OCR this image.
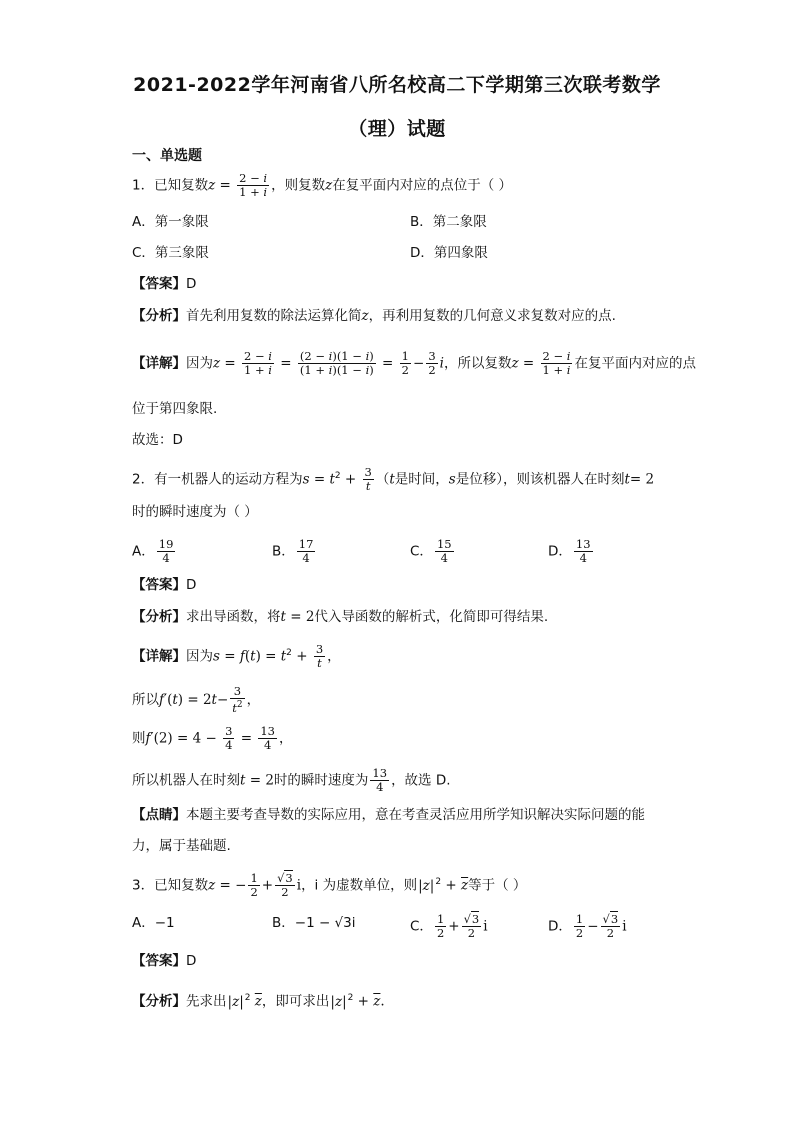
2021-2022学年河南省八所名校高二下学期第三次联考数学
（理）试题
一、单选题
1．已知复数$z = \frac{2 - i}{1 + i}$ ，则复数z在复平面内对应的点位于（ ）
A．第一象限	B．第二象限
C．第三象限	D．第四象限
【答案】D
【分析】首先利用复数的除法运算化简z，再利用复数的几何意义求复数对应的点.
【详解】因为$z = \frac{2 - i}{1 + i} = \frac{(2 - i)(1 - i)}{(1 + i)(1 - i)} = \frac{1}{2} - \frac{3}{2}$ i，所以复数$z = \frac{2 - i}{1 + i}$ 在复平面内对应的点
位于第四象限.
故选：D
2．有一机器人的运动方程为$s = t^2 + \frac{3}{t} (t$是时间，s是位移），则该机器人在时刻t= 2
时的瞬时速度为（ ）
A． $\frac{19}{4}$	B． $\frac{17}{4}$	C． $\frac{15}{4}$	D． $\frac{13}{4}$
【答案】D
【分析】求出导函数，将t = 2代入导函数的解析式，化简即可得结果.
【详解】因为$s = f(t) = t^2 + \frac{3}{t}$ ，
所以$f'(t) = 2t- \frac{3}{t^2}$ ，
则$f'(2) = 4 - \frac{3}{4} = \frac{13}{4}$ ，
所以机器人在时刻t = 2时的瞬时速度为 $\frac{13}{4}$ ，故选 D.
【点睛】本题主要考查导数的实际应用，意在考查灵活应用所学知识解决实际问题的能
力，属于基础题.
3．已知复数z = − $\frac{1}{2} + \frac{√3}{2}$ i，i 为虚数单位，则$|z|^2 + \overline{z}$等于（ ）
A．−1	B．−1 − √3i	C． $\frac{1}{2} + \frac{√3}{2}$ i	D． $\frac{1}{2} - \frac{√3}{2}$ i
【答案】D
【分析】先求出$|z|^2$ $\overline{z}$，即可求出$|z|^2 + \overline{z}$.
